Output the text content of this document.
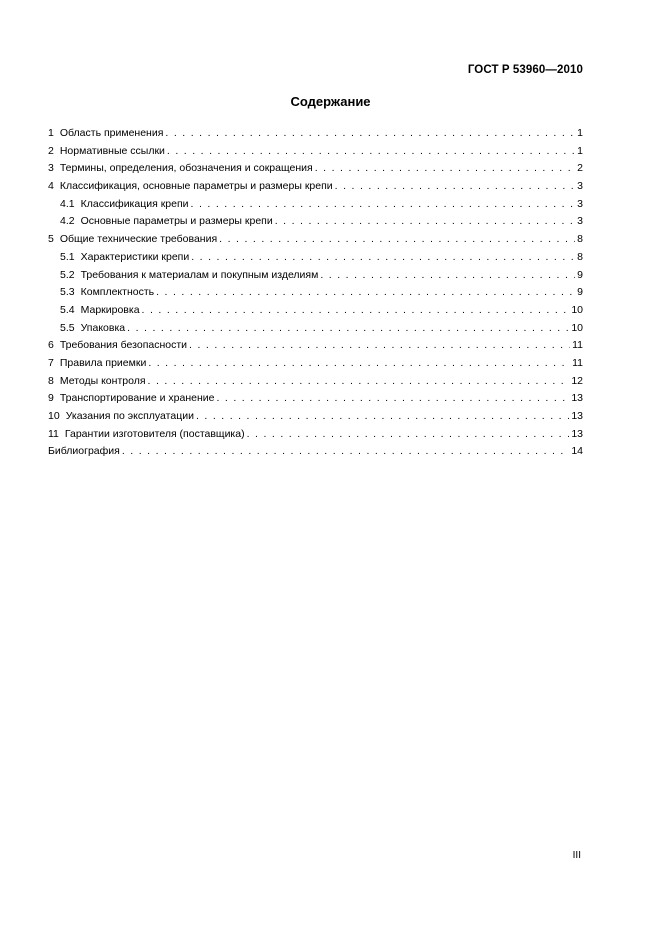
ГОСТ Р 53960—2010
Содержание
1 Область применения . . .	1
2 Нормативные ссылки . . .	1
3 Термины, определения, обозначения и сокращения . . .	2
4 Классификация, основные параметры и размеры крепи . . .	3
4.1 Классификация крепи . . .	3
4.2 Основные параметры и размеры крепи . . .	3
5 Общие технические требования . . .	8
5.1 Характеристики крепи . . .	8
5.2 Требования к материалам и покупным изделиям . . .	9
5.3 Комплектность . . .	9
5.4 Маркировка . . .	10
5.5 Упаковка . . .	10
6 Требования безопасности . . .	11
7 Правила приемки . . .	11
8 Методы контроля . . .	12
9 Транспортирование и хранение . . .	13
10 Указания по эксплуатации . . .	13
11 Гарантии изготовителя (поставщика) . . .	13
Библиография . . .	14
III
